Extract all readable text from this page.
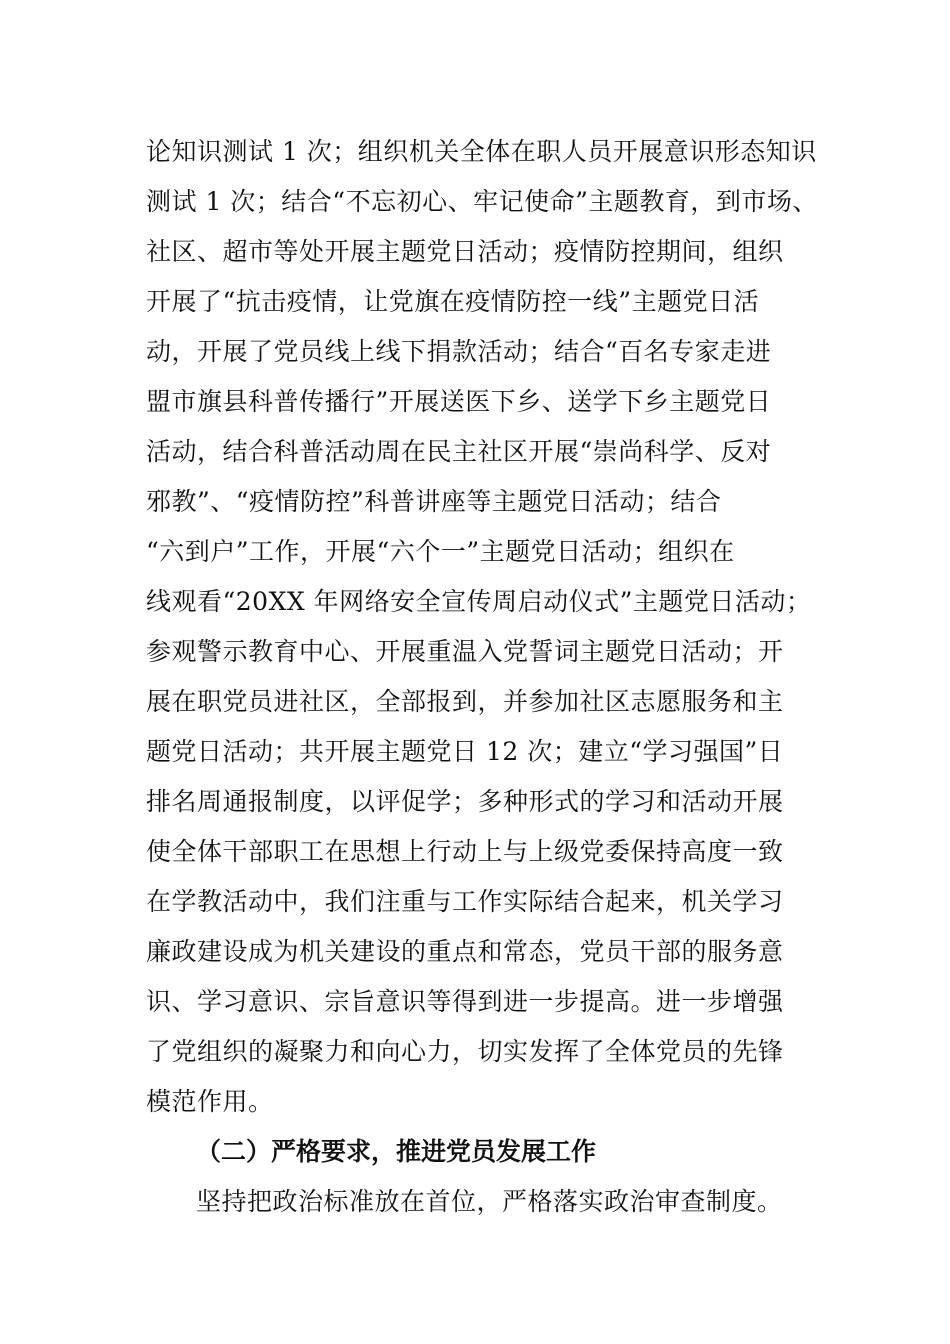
论知识测试 1 次；组织机关全体在职人员开展意识形态知识
测试 1 次；结合“不忘初心、牢记使命”主题教育，到市场、
社区、超市等处开展主题党日活动；疫情防控期间，组织
开展了“抗击疫情，让党旗在疫情防控一线”主题党日活
动，开展了党员线上线下捐款活动；结合“百名专家走进
盟市旗县科普传播行”开展送医下乡、送学下乡主题党日
活动，结合科普活动周在民主社区开展“崇尚科学、反对
邪教”、“疫情防控”科普讲座等主题党日活动；结合
“六到户”工作，开展“六个一”主题党日活动；组织在
线观看“20XX 年网络安全宣传周启动仪式”主题党日活动；
参观警示教育中心、开展重温入党誓词主题党日活动；开
展在职党员进社区，全部报到，并参加社区志愿服务和主
题党日活动；共开展主题党日 12 次；建立“学习强国”日
排名周通报制度，以评促学；多种形式的学习和活动开展
使全体干部职工在思想上行动上与上级党委保持高度一致
在学教活动中，我们注重与工作实际结合起来，机关学习
廉政建设成为机关建设的重点和常态，党员干部的服务意
识、学习意识、宗旨意识等得到进一步提高。进一步增强
了党组织的凝聚力和向心力，切实发挥了全体党员的先锋
模范作用。
（二）严格要求，推进党员发展工作
坚持把政治标准放在首位，严格落实政治审查制度。
